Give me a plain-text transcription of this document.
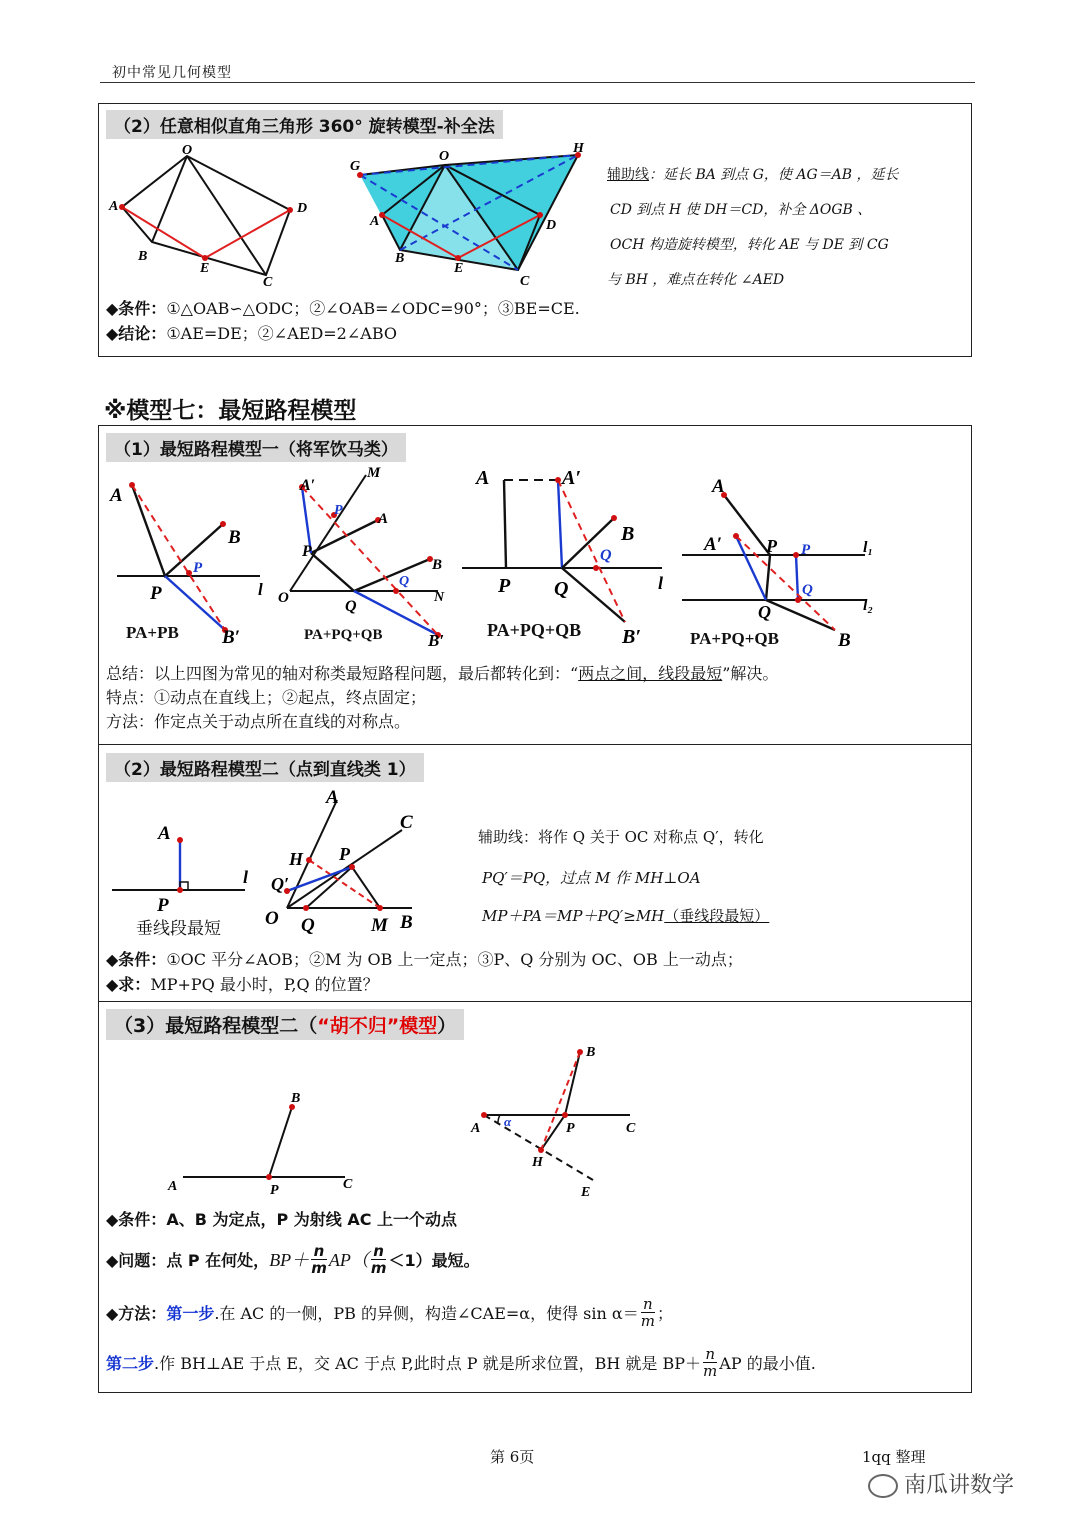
初中常见几何模型
（2）任意相似直角三角形 360° 旋转模型-补全法
O
A
B
E
C
D
G
O
H
A
B
E
C
D
辅助线：延长 BA 到点 G，使 AG＝AB ，延长
CD 到点 H 使 DH＝CD，补全 ΔOGB 、
OCH 构造旋转模型，转化 AE 与 DE 到 CG
与 BH ，难点在转化 ∠AED
◆条件：①△OAB∽△ODC；②∠OAB=∠ODC=90°；③BE=CE.
◆结论：①AE=DE；②∠AED=2∠ABO
※模型七：最短路程模型
（1）最短路程模型一（将军饮马类）
A
B
P
P	l
B′
PA+PB
A′
M
P
A
P
B
Q
O	Q
N
B′
PA+PQ+QB
A	A′
B
Q
P Q	l
B′
PA+PQ+QB
A
A′ P P	l₁
Q
Q	l₂
B
PA+PQ+QB
总结：以上四图为常见的轴对称类最短路程问题，最后都转化到：“两点之间，线段最短”解决。
特点：①动点在直线上；②起点，终点固定；
方法：作定点关于动点所在直线的对称点。
（2）最短路程模型二（点到直线类 1）
A
l
P
垂线段最短
A
C
H P
Q′
O Q	M B
辅助线：将作 Q 关于 OC 对称点 Q′，转化
PQ′＝PQ，过点 M 作 MH⊥OA
MP＋PA＝MP＋PQ′≥MH（垂线段最短）
◆条件：①OC 平分∠AOB；②M 为 OB 上一定点；③P、Q 分别为 OC、OB 上一动点；
◆求：MP+PQ 最小时，P,Q 的位置？
（3）最短路程模型二（“胡不归”模型）
B
A	P	C
B
A α	P	C
H
E
◆条件：A、B 为定点，P 为射线 AC 上一个动点
◆问题： 点 P 在何处， $BP+ \frac{n}{m} AP( \frac{n}{m} <1)$最短。
◆方法： 第一步 .在 AC 的一侧，PB 的异侧，构造∠CAE=α，使得 $\sin \alpha= \frac{n}{m}$ ；
第二步 .作 BH⊥AE 于点 E，交 AC 于点 P,此时点 P 就是所求位置，BH 就是 $BP+ \frac{n}{m}$ AP 的最小值.
第 6页	1qq 整理
南瓜讲数学
